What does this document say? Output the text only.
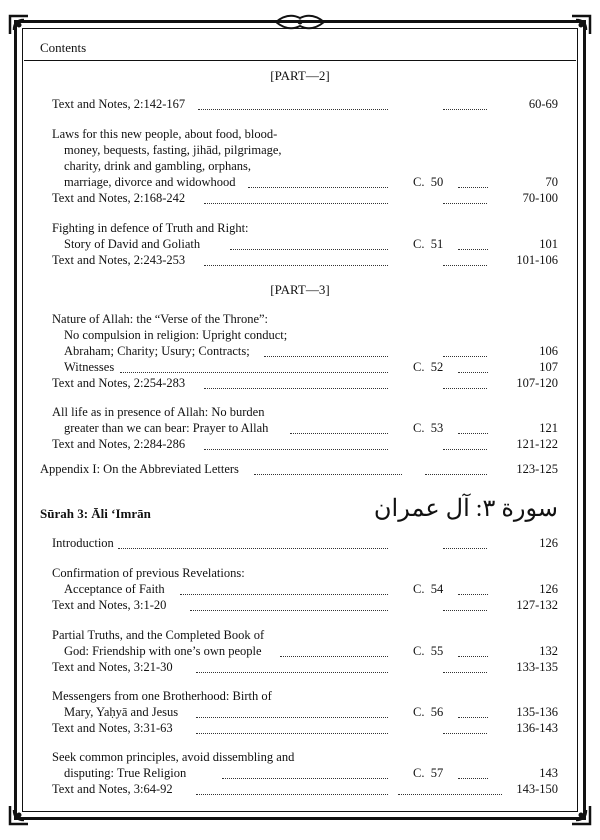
Contents
[PART—2]
Text and Notes, 2:142-167	60-69
Laws for this new people, about food, blood-
money, bequests, fasting, jihād, pilgrimage,
charity, drink and gambling, orphans,
marriage, divorce and widowhood	C.  50	70
Text and Notes, 2:168-242	70-100
Fighting in defence of Truth and Right:
Story of David and Goliath	C.  51	101
Text and Notes, 2:243-253	101-106
[PART—3]
Nature of Allah: the “Verse of the Throne”:
No compulsion in religion: Upright conduct;
Abraham; Charity; Usury; Contracts;	106
Witnesses	C.  52	107
Text and Notes, 2:254-283	107-120
All life as in presence of Allah: No burden
greater than we can bear: Prayer to Allah	C.  53	121
Text and Notes, 2:284-286	121-122
Appendix I: On the Abbreviated Letters	123-125
Sūrah 3: Āli ‘Imrān	سورة ٣: آل عمران
Introduction	126
Confirmation of previous Revelations:
Acceptance of Faith	C.  54	126
Text and Notes, 3:1-20	127-132
Partial Truths, and the Completed Book of
God: Friendship with one’s own people	C.  55	132
Text and Notes, 3:21-30	133-135
Messengers from one Brotherhood: Birth of
Mary, Yaḥyā and Jesus	C.  56	135-136
Text and Notes, 3:31-63	136-143
Seek common principles, avoid dissembling and
disputing: True Religion	C.  57	143
Text and Notes, 3:64-92	143-150
